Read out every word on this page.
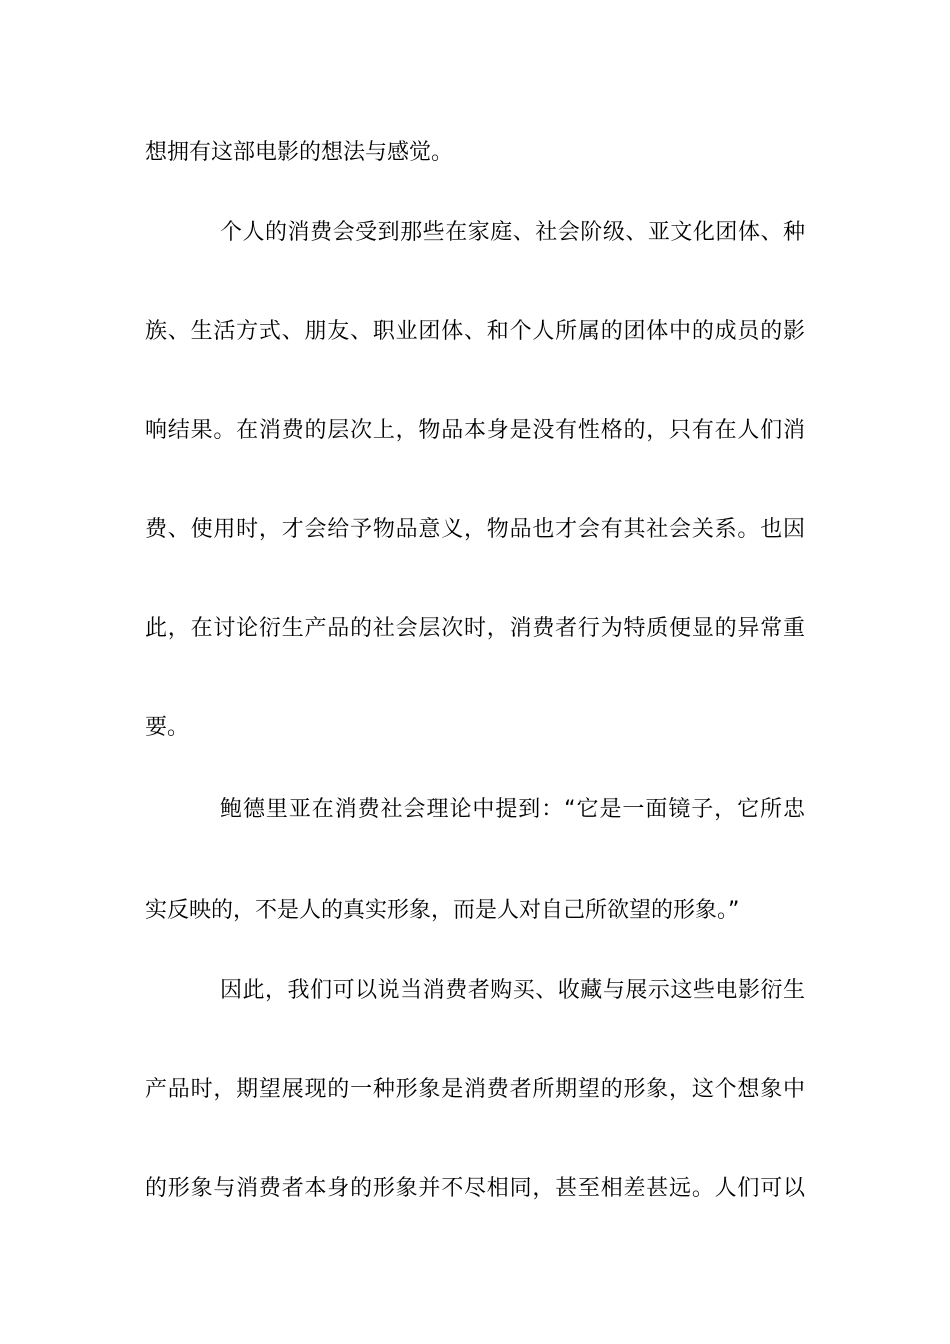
想拥有这部电影的想法与感觉。
个人的消费会受到那些在家庭、社会阶级、亚文化团体、种
族、生活方式、朋友、职业团体、和个人所属的团体中的成员的影
响结果。在消费的层次上，物品本身是没有性格的，只有在人们消
费、使用时，才会给予物品意义，物品也才会有其社会关系。也因
此，在讨论衍生产品的社会层次时，消费者行为特质便显的异常重
要。
鲍德里亚在消费社会理论中提到：“它是一面镜子，它所忠
实反映的，不是人的真实形象，而是人对自己所欲望的形象。”
因此，我们可以说当消费者购买、收藏与展示这些电影衍生
产品时，期望展现的一种形象是消费者所期望的形象，这个想象中
的形象与消费者本身的形象并不尽相同，甚至相差甚远。人们可以
